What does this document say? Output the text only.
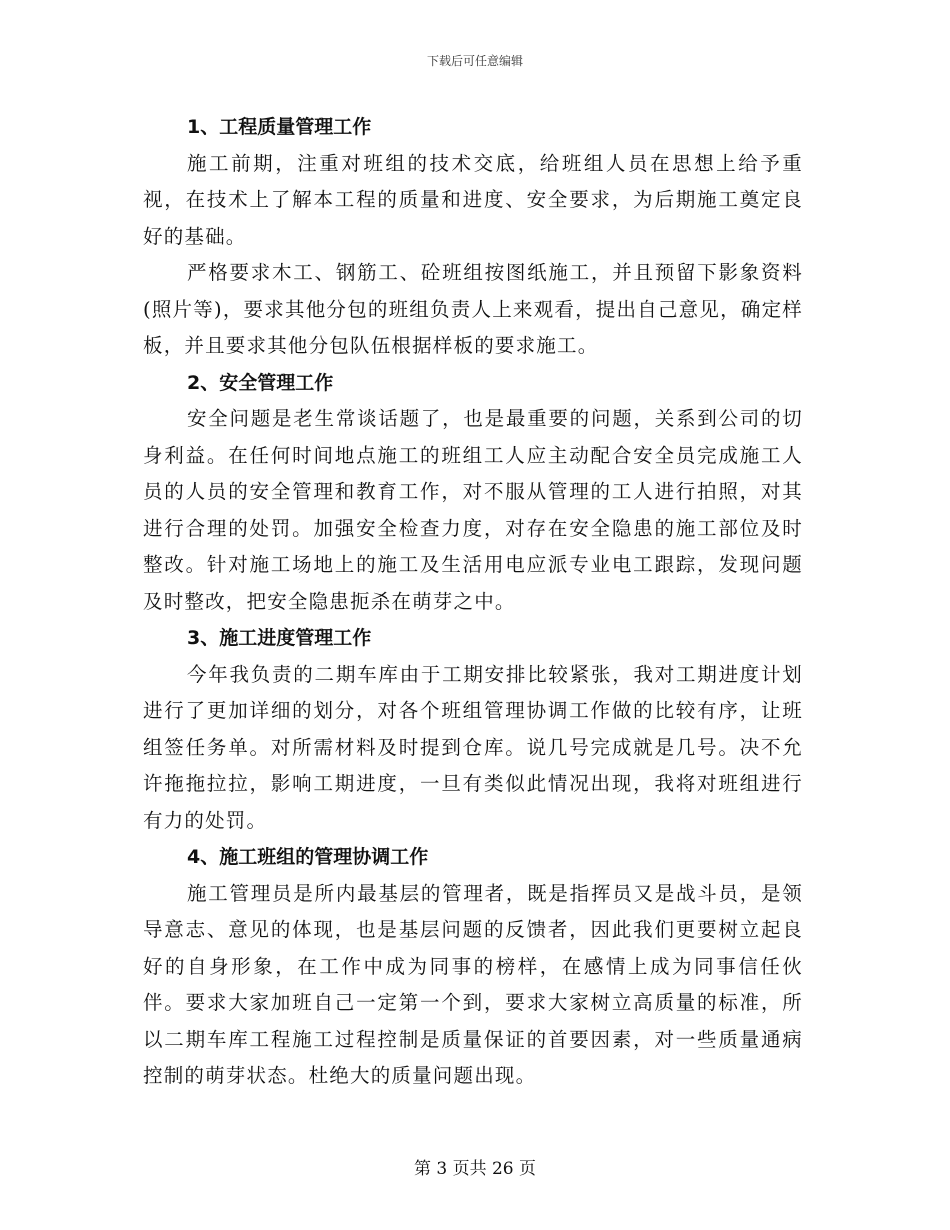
下载后可任意编辑

1、工程质量管理工作

施工前期，注重对班组的技术交底，给班组人员在思想上给予重视，在技术上了解本工程的质量和进度、安全要求，为后期施工奠定良好的基础。

严格要求木工、钢筋工、砼班组按图纸施工，并且预留下影象资料(照片等)，要求其他分包的班组负责人上来观看，提出自己意见，确定样板，并且要求其他分包队伍根据样板的要求施工。

2、安全管理工作

安全问题是老生常谈话题了，也是最重要的问题，关系到公司的切身利益。在任何时间地点施工的班组工人应主动配合安全员完成施工人员的人员的安全管理和教育工作，对不服从管理的工人进行拍照，对其进行合理的处罚。加强安全检查力度，对存在安全隐患的施工部位及时整改。针对施工场地上的施工及生活用电应派专业电工跟踪，发现问题及时整改，把安全隐患扼杀在萌芽之中。

3、施工进度管理工作

今年我负责的二期车库由于工期安排比较紧张，我对工期进度计划进行了更加详细的划分，对各个班组管理协调工作做的比较有序，让班组签任务单。对所需材料及时提到仓库。说几号完成就是几号。决不允许拖拖拉拉，影响工期进度，一旦有类似此情况出现，我将对班组进行有力的处罚。

4、施工班组的管理协调工作

施工管理员是所内最基层的管理者，既是指挥员又是战斗员，是领导意志、意见的体现，也是基层问题的反馈者，因此我们更要树立起良好的自身形象，在工作中成为同事的榜样，在感情上成为同事信任伙伴。要求大家加班自己一定第一个到，要求大家树立高质量的标准，所以二期车库工程施工过程控制是质量保证的首要因素，对一些质量通病控制的萌芽状态。杜绝大的质量问题出现。

第 3 页共 26 页
